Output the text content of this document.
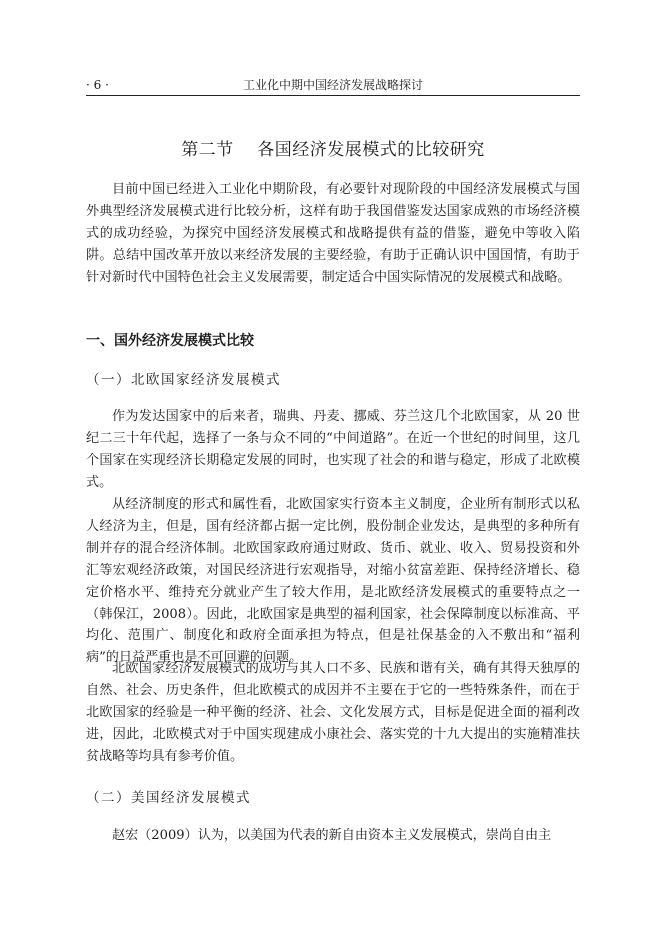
· 6 ·	工业化中期中国经济发展战略探讨
第二节    各国经济发展模式的比较研究

目前中国已经进入工业化中期阶段，有必要针对现阶段的中国经济发展模式与国外典型经济发展模式进行比较分析，这样有助于我国借鉴发达国家成熟的市场经济模式的成功经验，为探究中国经济发展模式和战略提供有益的借鉴，避免中等收入陷阱。总结中国改革开放以来经济发展的主要经验，有助于正确认识中国国情，有助于针对新时代中国特色社会主义发展需要，制定适合中国实际情况的发展模式和战略。

一、国外经济发展模式比较
（一）北欧国家经济发展模式

作为发达国家中的后来者，瑞典、丹麦、挪威、芬兰这几个北欧国家，从 20 世纪二三十年代起，选择了一条与众不同的“中间道路”。在近一个世纪的时间里，这几个国家在实现经济长期稳定发展的同时，也实现了社会的和谐与稳定，形成了北欧模式。

从经济制度的形式和属性看，北欧国家实行资本主义制度，企业所有制形式以私人经济为主，但是，国有经济都占据一定比例，股份制企业发达，是典型的多种所有制并存的混合经济体制。北欧国家政府通过财政、货币、就业、收入、贸易投资和外汇等宏观经济政策，对国民经济进行宏观指导，对缩小贫富差距、保持经济增长、稳定价格水平、维持充分就业产生了较大作用，是北欧经济发展模式的重要特点之一（韩保江，2008）。因此，北欧国家是典型的福利国家，社会保障制度以标准高、平均化、范围广、制度化和政府全面承担为特点，但是社保基金的入不敷出和“福利病”的日益严重也是不可回避的问题。

北欧国家经济发展模式的成功与其人口不多、民族和谐有关，确有其得天独厚的自然、社会、历史条件，但北欧模式的成因并不主要在于它的一些特殊条件，而在于北欧国家的经验是一种平衡的经济、社会、文化发展方式，目标是促进全面的福利改进，因此，北欧模式对于中国实现建成小康社会、落实党的十九大提出的实施精准扶贫战略等均具有参考价值。

（二）美国经济发展模式

赵宏（2009）认为，以美国为代表的新自由资本主义发展模式，崇尚自由主
